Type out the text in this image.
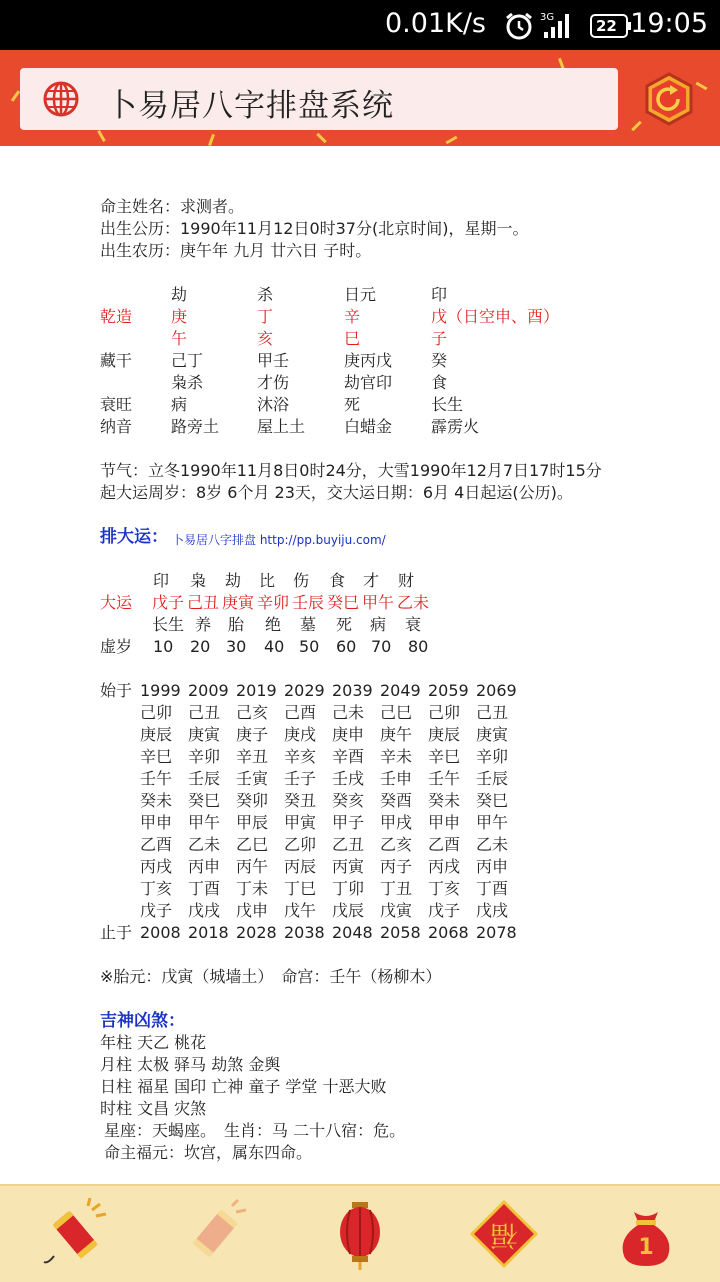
0.01K/s	3G	22 19:05
卜易居八字排盘系统
命主姓名：求测者。
出生公历：1990年11月12日0时37分(北京时间)，星期一。
出生农历：庚午年 九月 廿六日 子时。
劫	杀	日元	印
乾造 庚	丁	辛	戊（日空申、酉）
午	亥	巳	子
藏干 己丁	甲壬	庚丙戊 癸
枭杀	才伤	劫官印 食
衰旺 病	沐浴	死	长生
纳音 路旁土 屋上土 白蜡金 霹雳火
节气：立冬1990年11月8日0时24分，大雪1990年12月7日17时15分
起大运周岁：8岁 6个月 23天，交大运日期：6月 4日起运(公历)。
排大运： 卜易居八字排盘 http://pp.buyiju.com/
印 枭 劫 比 伤 食 才 财
大运 戊子 己丑 庚寅 辛卯 壬辰 癸巳 甲午 乙未
长生 养 胎 绝 墓 死 病 衰
虚岁 10 20 30 40 50 60 70 80
始于 1999 2009 2019 2029 2039 2049 2059 2069
己卯 己丑 己亥 己酉 己未 己巳 己卯 己丑
庚辰 庚寅 庚子 庚戌 庚申 庚午 庚辰 庚寅
辛巳 辛卯 辛丑 辛亥 辛酉 辛未 辛巳 辛卯
壬午 壬辰 壬寅 壬子 壬戌 壬申 壬午 壬辰
癸未 癸巳 癸卯 癸丑 癸亥 癸酉 癸未 癸巳
甲申 甲午 甲辰 甲寅 甲子 甲戌 甲申 甲午
乙酉 乙未 乙巳 乙卯 乙丑 乙亥 乙酉 乙未
丙戌 丙申 丙午 丙辰 丙寅 丙子 丙戌 丙申
丁亥 丁酉 丁未 丁巳 丁卯 丁丑 丁亥 丁酉
戊子 戊戌 戊申 戊午 戊辰 戊寅 戊子 戊戌
止于 2008 2018 2028 2038 2048 2058 2068 2078
※胎元：戊寅（城墙土）　命宫：壬午（杨柳木）
吉神凶煞：
年柱 天乙 桃花
月柱 太极 驿马 劫煞 金舆
日柱 福星 国印 亡神 童子 学堂 十恶大败
时柱 文昌 灾煞
星座：天蝎座。　生肖：马 二十八宿：危。
命主福元：坎宫，属东四命。
福	1
